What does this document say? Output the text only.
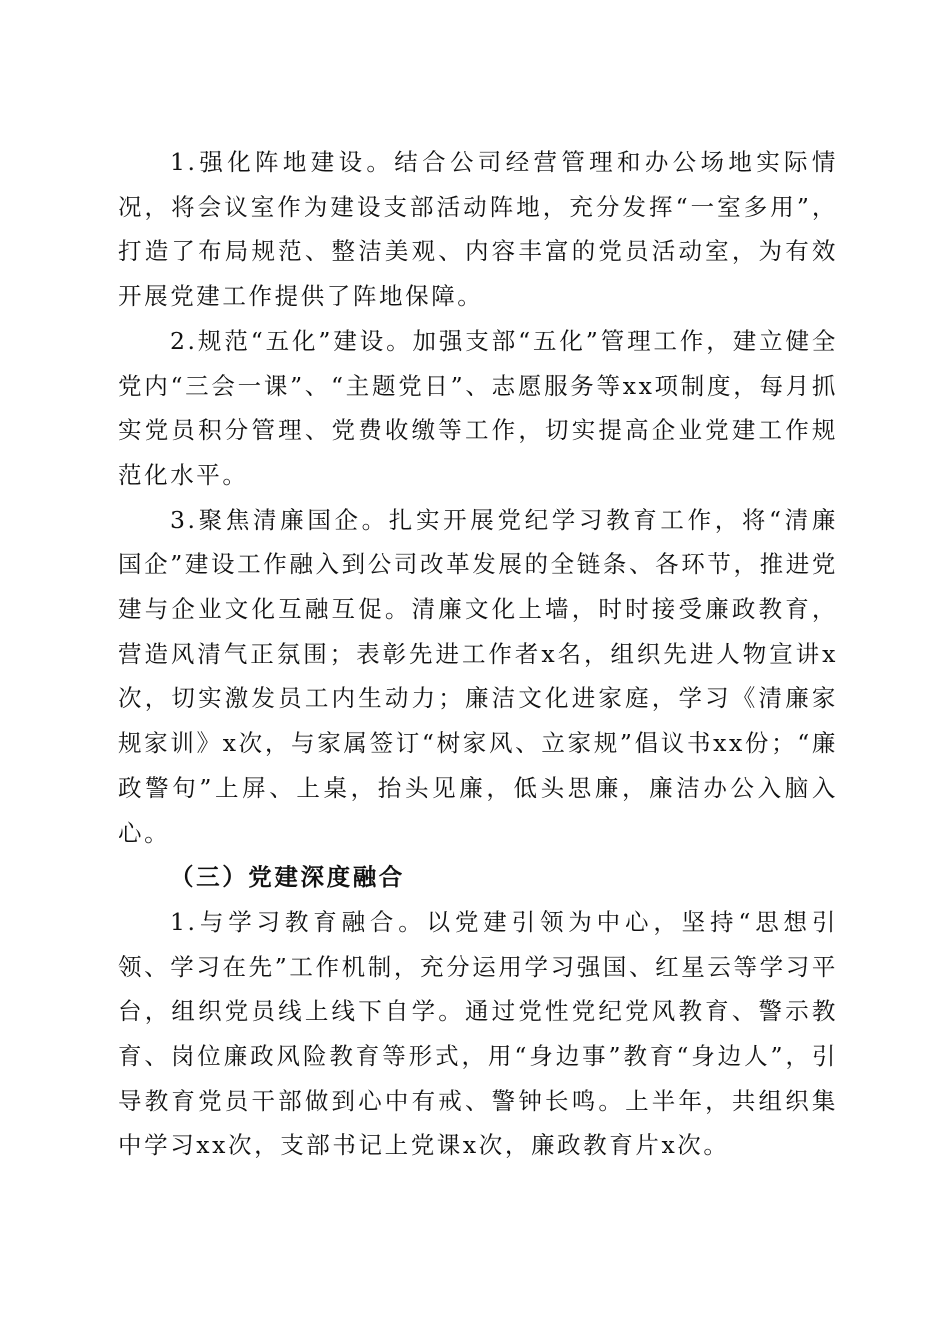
1.强化阵地建设。结合公司经营管理和办公场地实际情况，将会议室作为建设支部活动阵地，充分发挥“一室多用”，打造了布局规范、整洁美观、内容丰富的党员活动室，为有效开展党建工作提供了阵地保障。

2.规范“五化”建设。加强支部“五化”管理工作，建立健全党内“三会一课”、“主题党日”、志愿服务等xx项制度，每月抓实党员积分管理、党费收缴等工作，切实提高企业党建工作规范化水平。

3.聚焦清廉国企。扎实开展党纪学习教育工作，将“清廉国企”建设工作融入到公司改革发展的全链条、各环节，推进党建与企业文化互融互促。清廉文化上墙，时时接受廉政教育，营造风清气正氛围；表彰先进工作者x名，组织先进人物宣讲x次，切实激发员工内生动力；廉洁文化进家庭，学习《清廉家规家训》x次，与家属签订“树家风、立家规”倡议书xx份；“廉政警句”上屏、上桌，抬头见廉，低头思廉，廉洁办公入脑入心。

（三）党建深度融合

1.与学习教育融合。以党建引领为中心，坚持“思想引领、学习在先”工作机制，充分运用学习强国、红星云等学习平台，组织党员线上线下自学。通过党性党纪党风教育、警示教育、岗位廉政风险教育等形式，用“身边事”教育“身边人”，引导教育党员干部做到心中有戒、警钟长鸣。上半年，共组织集中学习xx次，支部书记上党课x次，廉政教育片x次。
